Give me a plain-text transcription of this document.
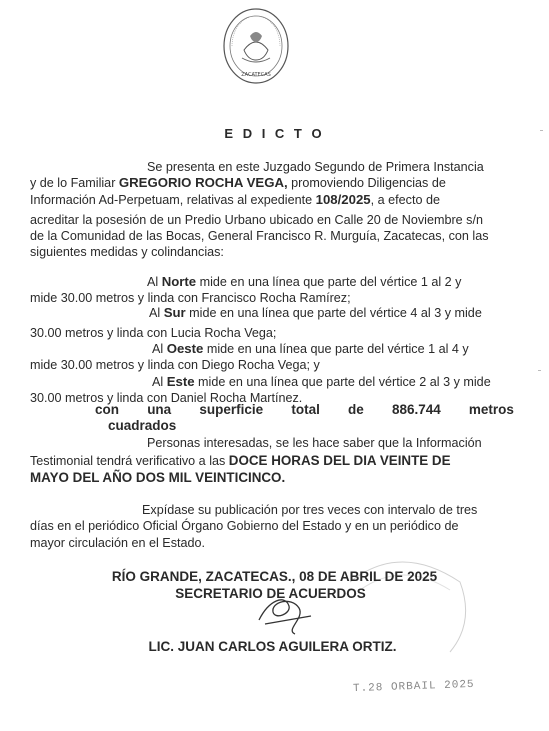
ZACATECAS
E D I C T O
Se presenta en este Juzgado Segundo de Primera Instancia
y de lo Familiar GREGORIO ROCHA VEGA, promoviendo Diligencias de
Información Ad-Perpetuam, relativas al expediente 108/2025, a efecto de
acreditar la posesión de un Predio Urbano ubicado en Calle 20 de Noviembre s/n
de la Comunidad de las Bocas, General Francisco R. Murguía, Zacatecas, con las
siguientes medidas y colindancias:
Al Norte mide en una línea que parte del vértice 1 al 2 y
mide 30.00 metros y linda con Francisco Rocha Ramírez;
Al Sur mide en una línea que parte del vértice 4 al 3 y mide
30.00 metros y linda con Lucia Rocha Vega;
Al Oeste mide en una línea que parte del vértice 1 al 4 y
mide 30.00 metros y linda con Diego Rocha Vega; y
Al Este mide en una línea que parte del vértice 2 al 3 y mide
30.00 metros y linda con Daniel Rocha Martínez.
con una superficie total de 886.744 metros
cuadrados
Personas interesadas, se les hace saber que la Información
Testimonial tendrá verificativo a las DOCE HORAS DEL DIA VEINTE DE
MAYO DEL AÑO DOS MIL VEINTICINCO.
Expídase su publicación por tres veces con intervalo de tres
días en el periódico Oficial Órgano Gobierno del Estado y en un periódico de
mayor circulación en el Estado.
RÍO GRANDE, ZACATECAS., 08 DE ABRIL DE 2025
SECRETARIO DE ACUERDOS
LIC. JUAN CARLOS AGUILERA ORTIZ.
T.28 ORBAIL 2025
